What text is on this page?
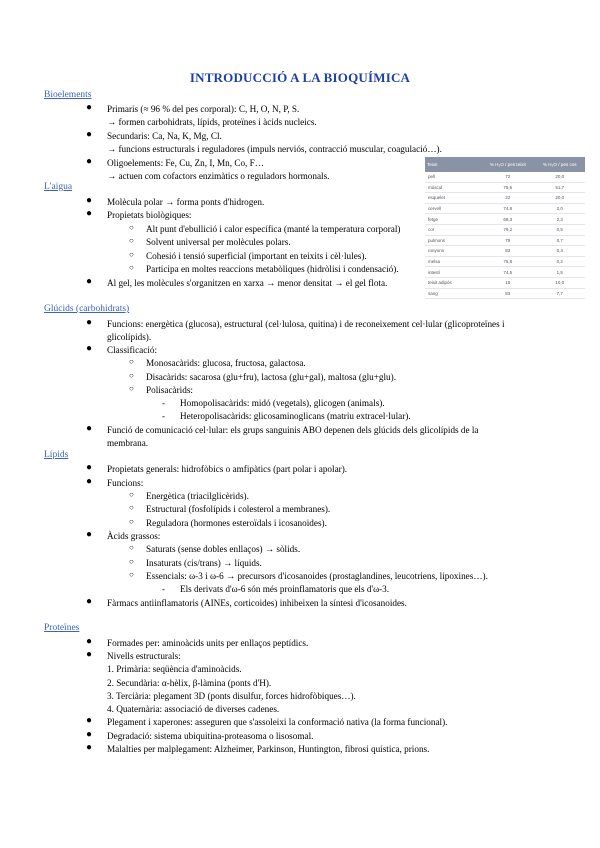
INTRODUCCIÓ A LA BIOQUÍMICA
Bioelements
● Primaris (≈ 96 % del pes corporal): C, H, O, N, P, S.
→ formen carbohidrats, lípids, proteïnes i àcids nucleics.
● Secundaris: Ca, Na, K, Mg, Cl.
→ funcions estructurals i reguladores (impuls nerviós, contracció muscular, coagulació…).
● Oligoelements: Fe, Cu, Zn, I, Mn, Co, F…
→ actuen com cofactors enzimàtics o reguladors hormonals.
L'aigua
● Molècula polar → forma ponts d'hidrogen.
● Propietats biològiques:
○ Alt punt d'ebullició i calor específica (manté la temperatura corporal)
○ Solvent universal per molècules polars.
○ Cohesió i tensió superficial (important en teixits i cèl·lules).
○ Participa en moltes reaccions metabòliques (hidròlisi i condensació).
● Al gel, les molècules s'organitzen en xarxa → menor densitat → el gel flota.
Teixit	% H₂O / pes teixit	% H₂O / pes cos
pell	72	20,0
múscul	75,6	51,7
esquelet	22	20,0
cervell	74,8	2,0
fetge	68,3	2,3
cor	79,2	0,5
pulmons	79	0,7
ronyons	83	0,4
melsa	75,8	0,2
intestí	74,5	1,5
teixit adipós	10	10,0
sang	83	7,7
Glúcids (carbohidrats)
● Funcions: energètica (glucosa), estructural (cel·lulosa, quitina) i de reconeixement cel·lular (glicoproteïnes i
glicolípids).
● Classificació:
○ Monosacàrids: glucosa, fructosa, galactosa.
○ Disacàrids: sacarosa (glu+fru), lactosa (glu+gal), maltosa (glu+glu).
○ Polisacàrids:
- Homopolisacàrids: midó (vegetals), glicogen (animals).
- Heteropolisacàrids: glicosaminoglicans (matriu extracel·lular).
● Funció de comunicació cel·lular: els grups sanguinis ABO depenen dels glúcids dels glicolípids de la
membrana.
Lípids
● Propietats generals: hidrofòbics o amfipàtics (part polar i apolar).
● Funcions:
○ Energètica (triacilglicèrids).
○ Estructural (fosfolípids i colesterol a membranes).
○ Reguladora (hormones esteroïdals i icosanoides).
● Àcids grassos:
○ Saturats (sense dobles enllaços) → sòlids.
○ Insaturats (cis/trans) → líquids.
○ Essencials: ω-3 i ω-6 → precursors d'icosanoides (prostaglandines, leucotriens, lipoxines…).
- Els derivats d'ω-6 són més proinflamatoris que els d'ω-3.
● Fàrmacs antiinflamatoris (AINEs, corticoides) inhibeixen la síntesi d'icosanoides.
Proteïnes
● Formades per: aminoàcids units per enllaços peptídics.
● Nivells estructurals:
1. Primària: seqüència d'aminoàcids.
2. Secundària: α-hèlix, β-làmina (ponts d'H).
3. Terciària: plegament 3D (ponts disulfur, forces hidrofòbiques…).
4. Quaternària: associació de diverses cadenes.
● Plegament i xaperones: asseguren que s'assoleixi la conformació nativa (la forma funcional).
● Degradació: sistema ubiquitina-proteasoma o lisosomal.
● Malalties per malplegament: Alzheimer, Parkinson, Huntington, fibrosi quística, prions.
